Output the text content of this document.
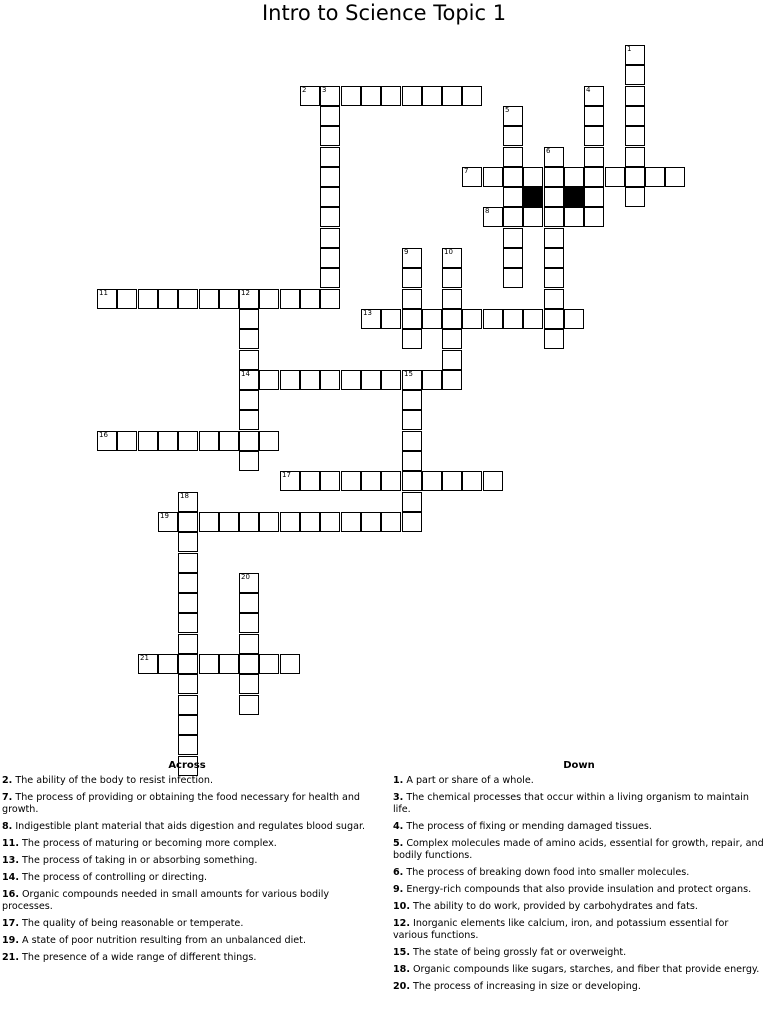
Intro to Science Topic 1
1
2 3	4
5
6
7
8
9	10
11	12
14
13
15
16
17
18
19
20
21
Across
2. The ability of the body to resist infection.
7. The process of providing or obtaining the food necessary for health and growth.
8. Indigestible plant material that aids digestion and regulates blood sugar.
11. The process of maturing or becoming more complex.
13. The process of taking in or absorbing something.
14. The process of controlling or directing.
16. Organic compounds needed in small amounts for various bodily processes.
17. The quality of being reasonable or temperate.
19. A state of poor nutrition resulting from an unbalanced diet.
21. The presence of a wide range of different things.
Down
1. A part or share of a whole.
3. The chemical processes that occur within a living organism to maintain life.
4. The process of fixing or mending damaged tissues.
5. Complex molecules made of amino acids, essential for growth, repair, and bodily functions.
6. The process of breaking down food into smaller molecules.
9. Energy-rich compounds that also provide insulation and protect organs.
10. The ability to do work, provided by carbohydrates and fats.
12. Inorganic elements like calcium, iron, and potassium essential for various functions.
15. The state of being grossly fat or overweight.
18. Organic compounds like sugars, starches, and fiber that provide energy.
20. The process of increasing in size or developing.
